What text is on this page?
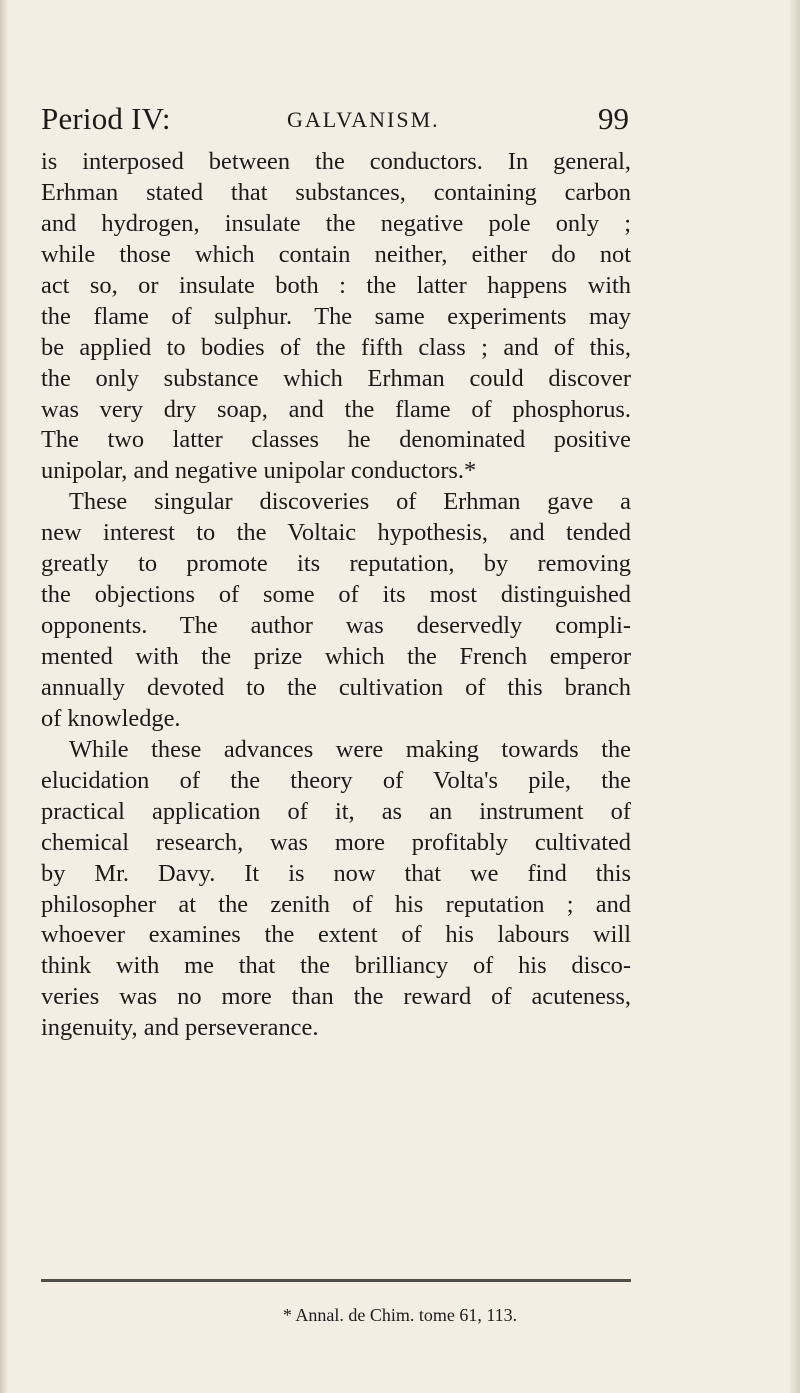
Period IV:	GALVANISM.	99
is interposed between the conductors. In general,
Erhman stated that substances, containing carbon
and hydrogen, insulate the negative pole only ;
while those which contain neither, either do not
act so, or insulate both : the latter happens with
the flame of sulphur. The same experiments may
be applied to bodies of the fifth class ; and of this,
the only substance which Erhman could discover
was very dry soap, and the flame of phosphorus.
The two latter classes he denominated positive
unipolar, and negative unipolar conductors.*
These singular discoveries of Erhman gave a
new interest to the Voltaic hypothesis, and tended
greatly to promote its reputation, by removing
the objections of some of its most distinguished
opponents. The author was deservedly compli-
mented with the prize which the French emperor
annually devoted to the cultivation of this branch
of knowledge.
While these advances were making towards the
elucidation of the theory of Volta's pile, the
practical application of it, as an instrument of
chemical research, was more profitably cultivated
by Mr. Davy. It is now that we find this
philosopher at the zenith of his reputation ; and
whoever examines the extent of his labours will
think with me that the brilliancy of his disco-
veries was no more than the reward of acuteness,
ingenuity, and perseverance.
* Annal. de Chim. tome 61, 113.
